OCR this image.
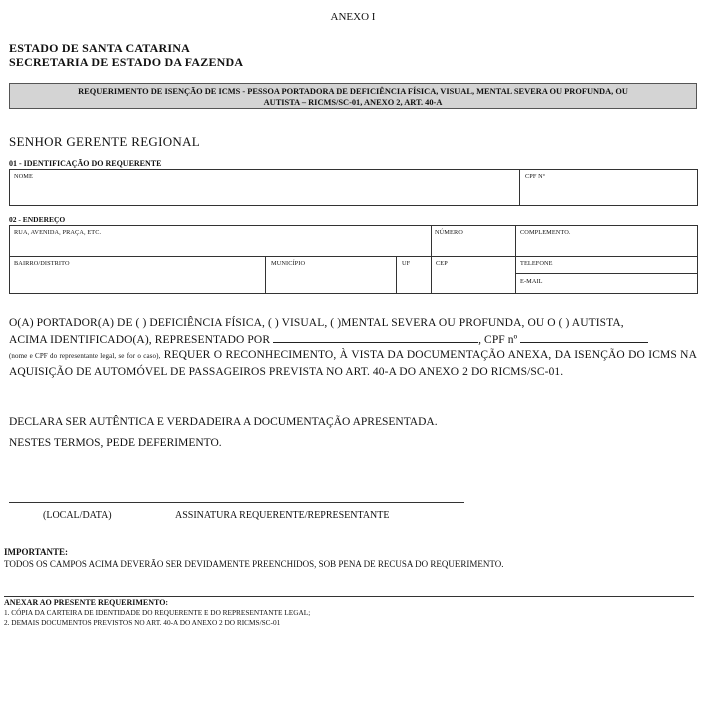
ANEXO I
ESTADO DE SANTA CATARINA
SECRETARIA DE ESTADO DA FAZENDA
REQUERIMENTO DE ISENÇÃO DE ICMS - PESSOA PORTADORA DE DEFICIÊNCIA FÍSICA, VISUAL, MENTAL SEVERA OU PROFUNDA, OU
AUTISTA – RICMS/SC-01, ANEXO 2, ART. 40-A
SENHOR GERENTE REGIONAL
01 - IDENTIFICAÇÃO DO REQUERENTE
NOME	CPF Nº
02 - ENDEREÇO
RUA, AVENIDA, PRAÇA, ETC.	NÚMERO	COMPLEMENTO.
BAIRRO/DISTRITO	MUNICÍPIO	UF	CEP	TELEFONE
E-MAIL
O(A) PORTADOR(A) DE ( ) DEFICIÊNCIA FÍSICA, ( ) VISUAL, ( )MENTAL SEVERA OU PROFUNDA, OU O ( ) AUTISTA,
ACIMA IDENTIFICADO(A), REPRESENTADO POR	, CPF nº
(nome e CPF do representante legal, se for o caso), REQUER O RECONHECIMENTO, À VISTA DA DOCUMENTAÇÃO ANEXA, DA ISENÇÃO DO ICMS NA AQUISIÇÃO DE AUTOMÓVEL DE PASSAGEIROS PREVISTA NO ART. 40-A DO ANEXO 2 DO RICMS/SC-01.
DECLARA SER AUTÊNTICA E VERDADEIRA A DOCUMENTAÇÃO APRESENTADA.
NESTES TERMOS, PEDE DEFERIMENTO.
(LOCAL/DATA)	ASSINATURA REQUERENTE/REPRESENTANTE
IMPORTANTE:
TODOS OS CAMPOS ACIMA DEVERÃO SER DEVIDAMENTE PREENCHIDOS, SOB PENA DE RECUSA DO REQUERIMENTO.
ANEXAR AO PRESENTE REQUERIMENTO:
1. CÓPIA DA CARTEIRA DE IDENTIDADE DO REQUERENTE E DO REPRESENTANTE LEGAL;
2. DEMAIS DOCUMENTOS PREVISTOS NO ART. 40-A DO ANEXO 2 DO RICMS/SC-01
